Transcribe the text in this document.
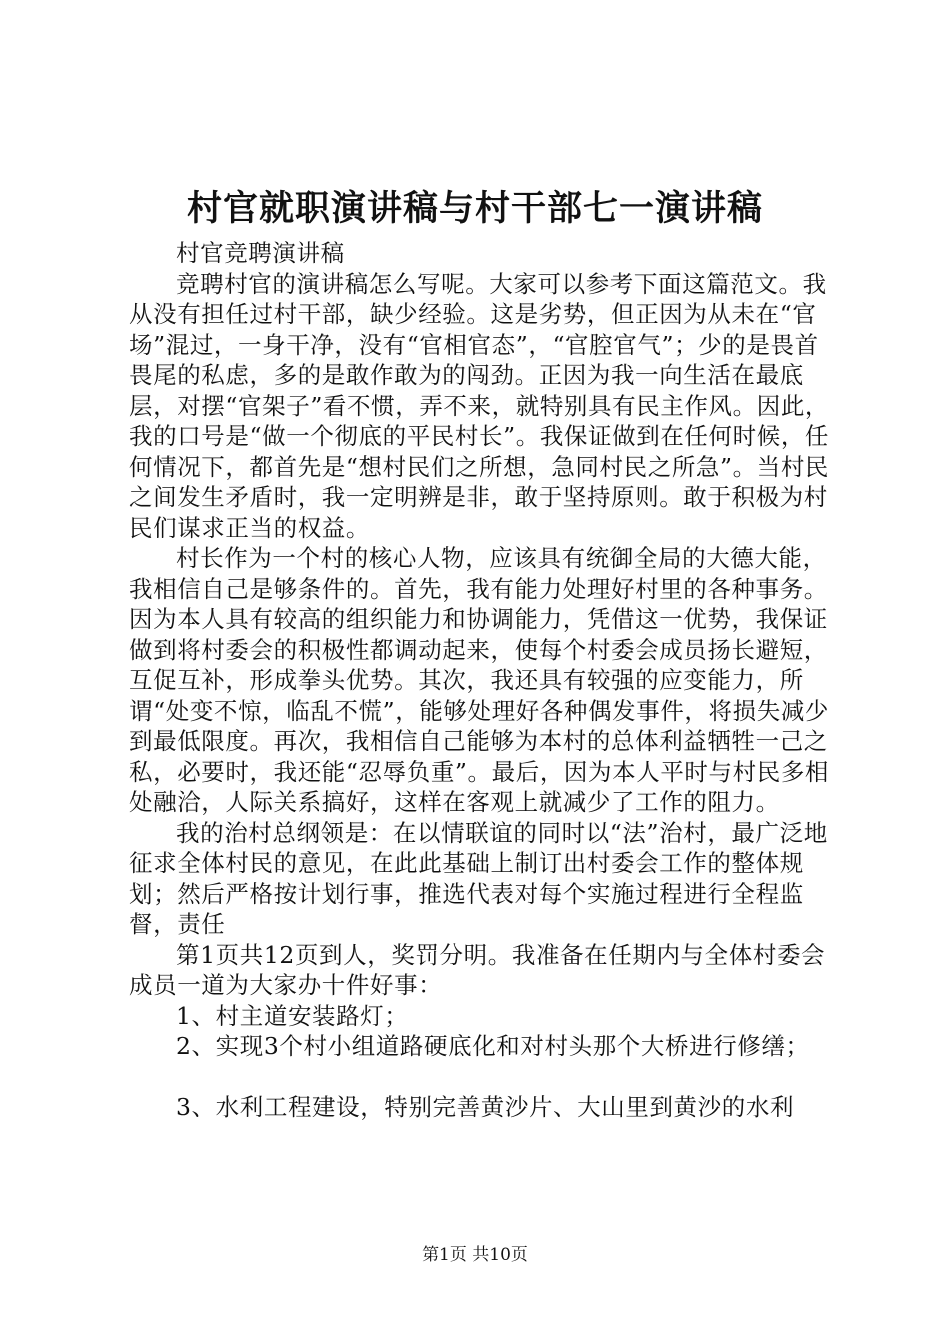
村官就职演讲稿与村干部七一演讲稿

村官竞聘演讲稿

竞聘村官的演讲稿怎么写呢。大家可以参考下面这篇范文。我从没有担任过村干部，缺少经验。这是劣势，但正因为从未在“官场”混过，一身干净，没有“官相官态”，“官腔官气”；少的是畏首畏尾的私虑，多的是敢作敢为的闯劲。正因为我一向生活在最底层，对摆“官架子”看不惯，弄不来，就特别具有民主作风。因此，我的口号是“做一个彻底的平民村长”。我保证做到在任何时候，任何情况下，都首先是“想村民们之所想，急同村民之所急”。当村民之间发生矛盾时，我一定明辨是非，敢于坚持原则。敢于积极为村民们谋求正当的权益。

村长作为一个村的核心人物，应该具有统御全局的大德大能，我相信自己是够条件的。首先，我有能力处理好村里的各种事务。因为本人具有较高的组织能力和协调能力，凭借这一优势，我保证做到将村委会的积极性都调动起来，使每个村委会成员扬长避短，互促互补，形成拳头优势。其次，我还具有较强的应变能力，所谓“处变不惊，临乱不慌”，能够处理好各种偶发事件，将损失减少到最低限度。再次，我相信自己能够为本村的总体利益牺牲一己之私，必要时，我还能“忍辱负重”。最后，因为本人平时与村民多相处融洽，人际关系搞好，这样在客观上就减少了工作的阻力。

我的治村总纲领是：在以情联谊的同时以“法”治村，最广泛地征求全体村民的意见，在此此基础上制订出村委会工作的整体规划；然后严格按计划行事，推选代表对每个实施过程进行全程监督，责任

第1页共12页到人，奖罚分明。我准备在任期内与全体村委会成员一道为大家办十件好事：

1、村主道安装路灯；

2、实现3个村小组道路硬底化和对村头那个大桥进行修缮；

3、水利工程建设，特别完善黄沙片、大山里到黄沙的水利

第1页 共10页
